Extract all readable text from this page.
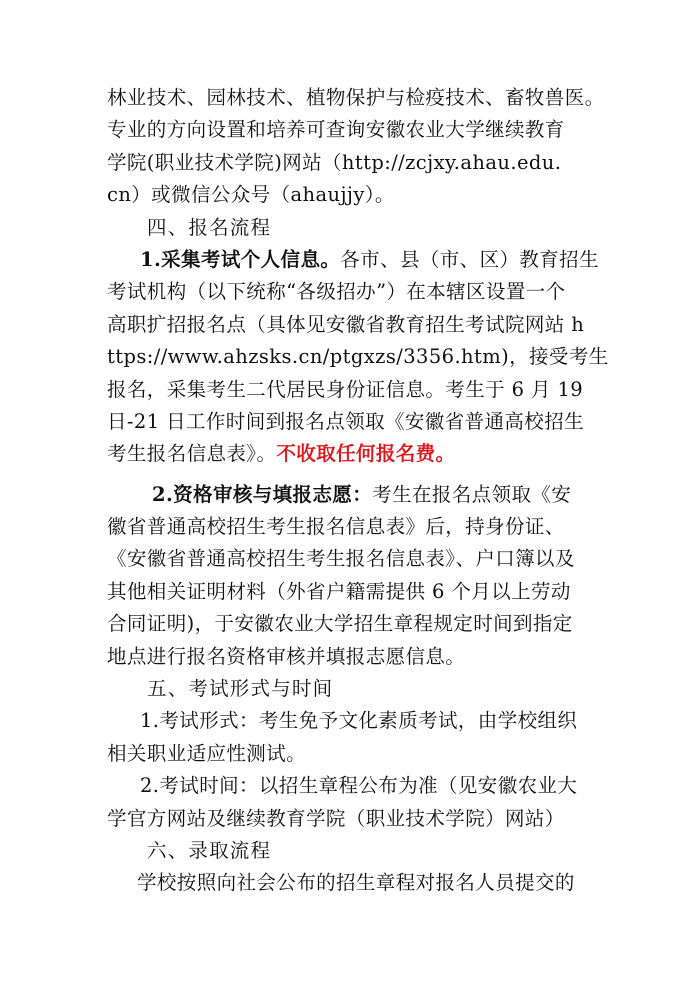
林业技术、园林技术、植物保护与检疫技术、畜牧兽医。
专业的方向设置和培养可查询安徽农业大学继续教育
学院(职业技术学院)网站（http://zcjxy.ahau.edu.
cn）或微信公众号（ahaujjy）。
四、报名流程
1.采集考试个人信息。各市、县（市、区）教育招生
考试机构（以下统称“各级招办”）在本辖区设置一个
高职扩招报名点（具体见安徽省教育招生考试院网站 h
ttps://www.ahzsks.cn/ptgxzs/3356.htm)，接受考生
报名，采集考生二代居民身份证信息。考生于 6 月 19
日-21 日工作时间到报名点领取《安徽省普通高校招生
考生报名信息表》。不收取任何报名费。
2.资格审核与填报志愿：考生在报名点领取《安
徽省普通高校招生考生报名信息表》后，持身份证、
《安徽省普通高校招生考生报名信息表》、户口簿以及
其他相关证明材料（外省户籍需提供 6 个月以上劳动
合同证明)，于安徽农业大学招生章程规定时间到指定
地点进行报名资格审核并填报志愿信息。
五、考试形式与时间
1.考试形式：考生免予文化素质考试，由学校组织
相关职业适应性测试。
2.考试时间：以招生章程公布为准（见安徽农业大
学官方网站及继续教育学院（职业技术学院）网站）
六、录取流程
学校按照向社会公布的招生章程对报名人员提交的
